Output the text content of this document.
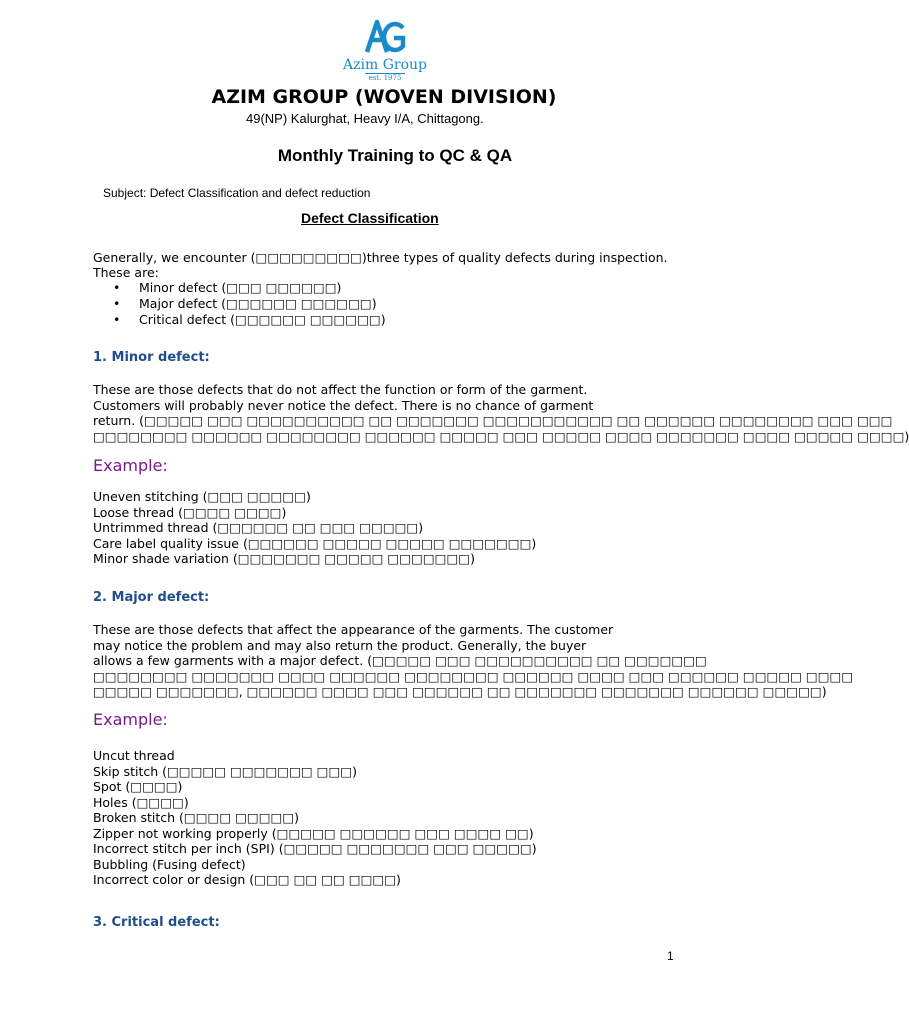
Azim Group
est. 1975
AZIM GROUP (WOVEN DIVISION)
49(NP) Kalurghat, Heavy I/A, Chittagong.
Monthly Training to QC & QA
Subject: Defect Classification and defect reduction
Defect Classification
Generally, we encounter (□□□□□□□□□)three types of quality defects during inspection.
These are:
• Minor defect (□□□ □□□□□□)
• Major defect (□□□□□□ □□□□□□)
• Critical defect (□□□□□□ □□□□□□)
1. Minor defect:
These are those defects that do not affect the function or form of the garment.
Customers will probably never notice the defect. There is no chance of garment
return. (□□□□□ □□□ □□□□□□□□□□ □□ □□□□□□□ □□□□□□□□□□□ □□ □□□□□□ □□□□□□□□ □□□ □□□
□□□□□□□□ □□□□□□ □□□□□□□□ □□□□□□ □□□□□ □□□ □□□□□ □□□□ □□□□□□□ □□□□ □□□□□ □□□□)
Example:
Uneven stitching (□□□ □□□□□)
Loose thread (□□□□ □□□□)
Untrimmed thread (□□□□□□ □□ □□□ □□□□□)
Care label quality issue (□□□□□□ □□□□□ □□□□□ □□□□□□□)
Minor shade variation (□□□□□□□ □□□□□ □□□□□□□)
2. Major defect:
These are those defects that affect the appearance of the garments. The customer
may notice the problem and may also return the product. Generally, the buyer
allows a few garments with a major defect. (□□□□□ □□□ □□□□□□□□□□ □□ □□□□□□□
□□□□□□□□ □□□□□□□ □□□□ □□□□□□ □□□□□□□□ □□□□□□ □□□□ □□□ □□□□□□ □□□□□ □□□□
□□□□□ □□□□□□□, □□□□□□ □□□□ □□□ □□□□□□ □□ □□□□□□□ □□□□□□□ □□□□□□ □□□□□)
Example:
Uncut thread
Skip stitch (□□□□□ □□□□□□□ □□□)
Spot (□□□□)
Holes (□□□□)
Broken stitch (□□□□ □□□□□)
Zipper not working properly (□□□□□ □□□□□□ □□□ □□□□ □□)
Incorrect stitch per inch (SPI) (□□□□□ □□□□□□□ □□□ □□□□□)
Bubbling (Fusing defect)
Incorrect color or design (□□□ □□ □□ □□□□)
3. Critical defect:
1
